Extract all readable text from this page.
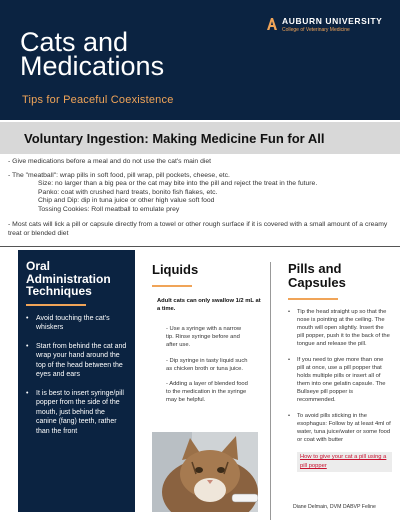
Cats and
Medications
Tips for Peaceful Coexistence
AUBURN UNIVERSITY
College of Veterinary Medicine
Voluntary Ingestion: Making Medicine Fun for All
- Give medications before a meal and do not use the cat's main diet
- The "meatball": wrap pills in soft food, pill wrap, pill pockets, cheese, etc.
Size: no larger than a big pea or the cat may bite into the pill and reject the treat in the future.
Panko: coat with crushed hard treats, bonito fish flakes, etc.
Chip and Dip: dip in tuna juice or other high value soft food
Tossing Cookies: Roll meatball to emulate prey
- Most cats will lick a pill or capsule directly from a towel or other rough surface if it is covered with a small amount of a creamy treat or blended diet
Oral
Administration
Techniques
• Avoid touching the cat's whiskers
• Start from behind the cat and wrap your hand around the top of the head between the eyes and ears
• It is best to insert syringe/pill popper from the side of the mouth, just behind the canine (fang) teeth, rather than the front
Liquids
Adult cats can only swallow 1/2 mL at a time.
- Use a syringe with a narrow tip. Rinse syringe before and after use.
- Dip syringe in tasty liquid such as chicken broth or tuna juice.
- Adding a layer of blended food to the medication in the syringe may be helpful.
Pills and
Capsules
• Tip the head straight up so that the nose is pointing at the ceiling. The mouth will open slightly. Insert the pill popper, push it to the back of the tongue and release the pill.
• If you need to give more than one pill at once, use a pill popper that holds multiple pills or insert all of them into one gelatin capsule. The Bullseye pill popper is recommended.
• To avoid pills sticking in the esophagus: Follow by at least 4ml of water, tuna juice/water or some food or coat with butter
How to give your cat a pill using a pill popper
Diane Delmain, DVM DABVP Feline
